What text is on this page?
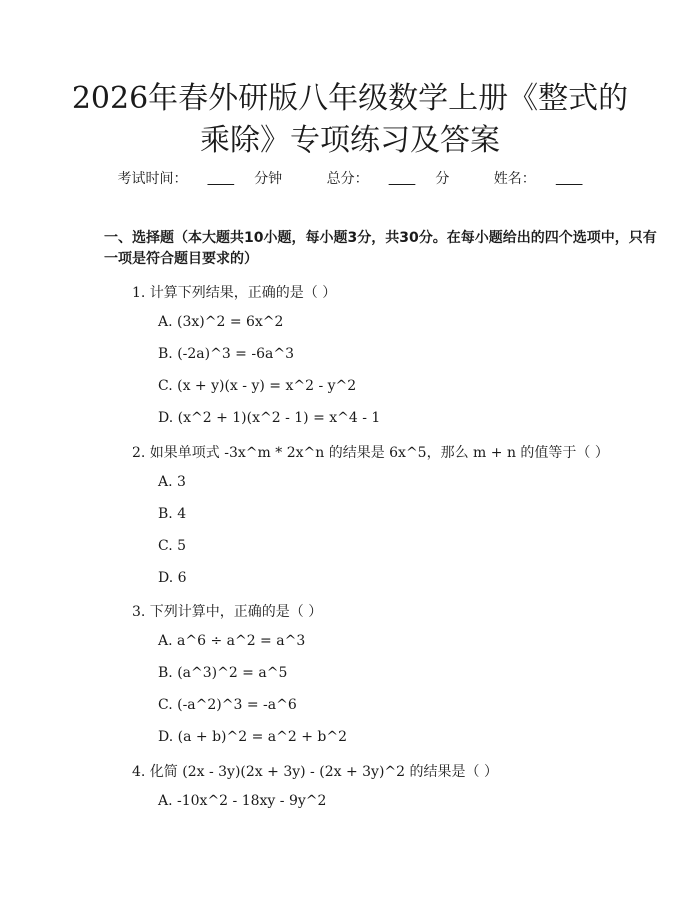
2026年春外研版八年级数学上册《整式的乘除》专项练习及答案
考试时间：	分钟	总分：	分	姓名：
一、选择题（本大题共10小题，每小题3分，共30分。在每小题给出的四个选项中，只有一项是符合题目要求的）
1. 计算下列结果，正确的是（ ）
A. (3x)^2 = 6x^2
B. (-2a)^3 = -6a^3
C. (x + y)(x - y) = x^2 - y^2
D. (x^2 + 1)(x^2 - 1) = x^4 - 1
2. 如果单项式 -3x^m * 2x^n 的结果是 6x^5，那么 m + n 的值等于（ ）
A. 3
B. 4
C. 5
D. 6
3. 下列计算中，正确的是（ ）
A. a^6 ÷ a^2 = a^3
B. (a^3)^2 = a^5
C. (-a^2)^3 = -a^6
D. (a + b)^2 = a^2 + b^2
4. 化简 (2x - 3y)(2x + 3y) - (2x + 3y)^2 的结果是（ ）
A. -10x^2 - 18xy - 9y^2
